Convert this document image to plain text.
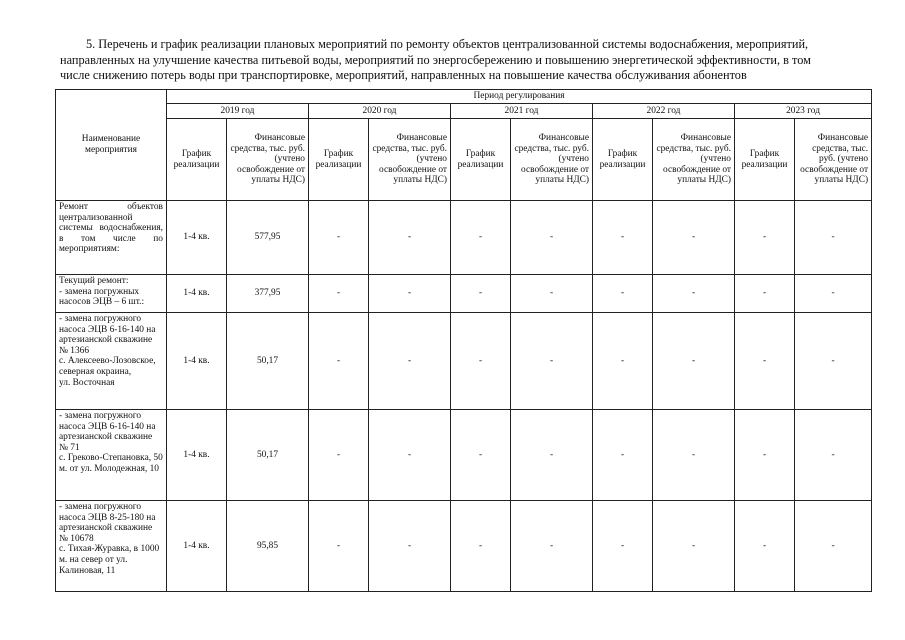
5. Перечень и график реализации плановых мероприятий по ремонту объектов централизованной системы водоснабжения, мероприятий,
направленных на улучшение качества питьевой воды, мероприятий по энергосбережению и повышению энергетической эффективности, в том
числе снижению потерь воды при транспортировке, мероприятий, направленных на повышение качества обслуживания абонентов
Наименование мероприятия	Период регулирования									
	2019 год		2020 год		2021 год		2022 год		2023 год	
	График реализации	Финансовые средства, тыс. руб. (учтено освобождение от уплаты НДС)	График реализации	Финансовые средства, тыс. руб. (учтено освобождение от уплаты НДС)	График реализации	Финансовые средства, тыс. руб. (учтено освобождение от уплаты НДС)	График реализации	Финансовые средства, тыс. руб. (учтено освобождение от уплаты НДС)	График реализации	Финансовые средства, тыс. руб. (учтено освобождение от уплаты НДС)
Ремонт объектов централизованной системы водоснабжения, в том числе по мероприятиям:	1-4 кв.	577,95	-	-	-	-	-	-	-	-
Текущий ремонт:
- замена погружных насосов ЭЦВ – 6 шт.:	1-4 кв.	377,95	-	-	-	-	-	-	-	-
- замена погружного насоса ЭЦВ 6-16-140 на артезианской скважине № 1366
с. Алексеево-Лозовское,
северная окраина,
ул. Восточная	1-4 кв.	50,17	-	-	-	-	-	-	-	-
- замена погружного насоса ЭЦВ 6-16-140 на артезианской скважине № 71
с. Греково-Степановка, 50 м. от ул. Молодежная, 10	1-4 кв.	50,17	-	-	-	-	-	-	-	-
- замена погружного насоса ЭЦВ 8-25-180 на артезианской скважине № 10678
с. Тихая-Журавка, в 1000 м. на север от ул. Калиновая, 11	1-4 кв.	95,85	-	-	-	-	-	-	-	-
